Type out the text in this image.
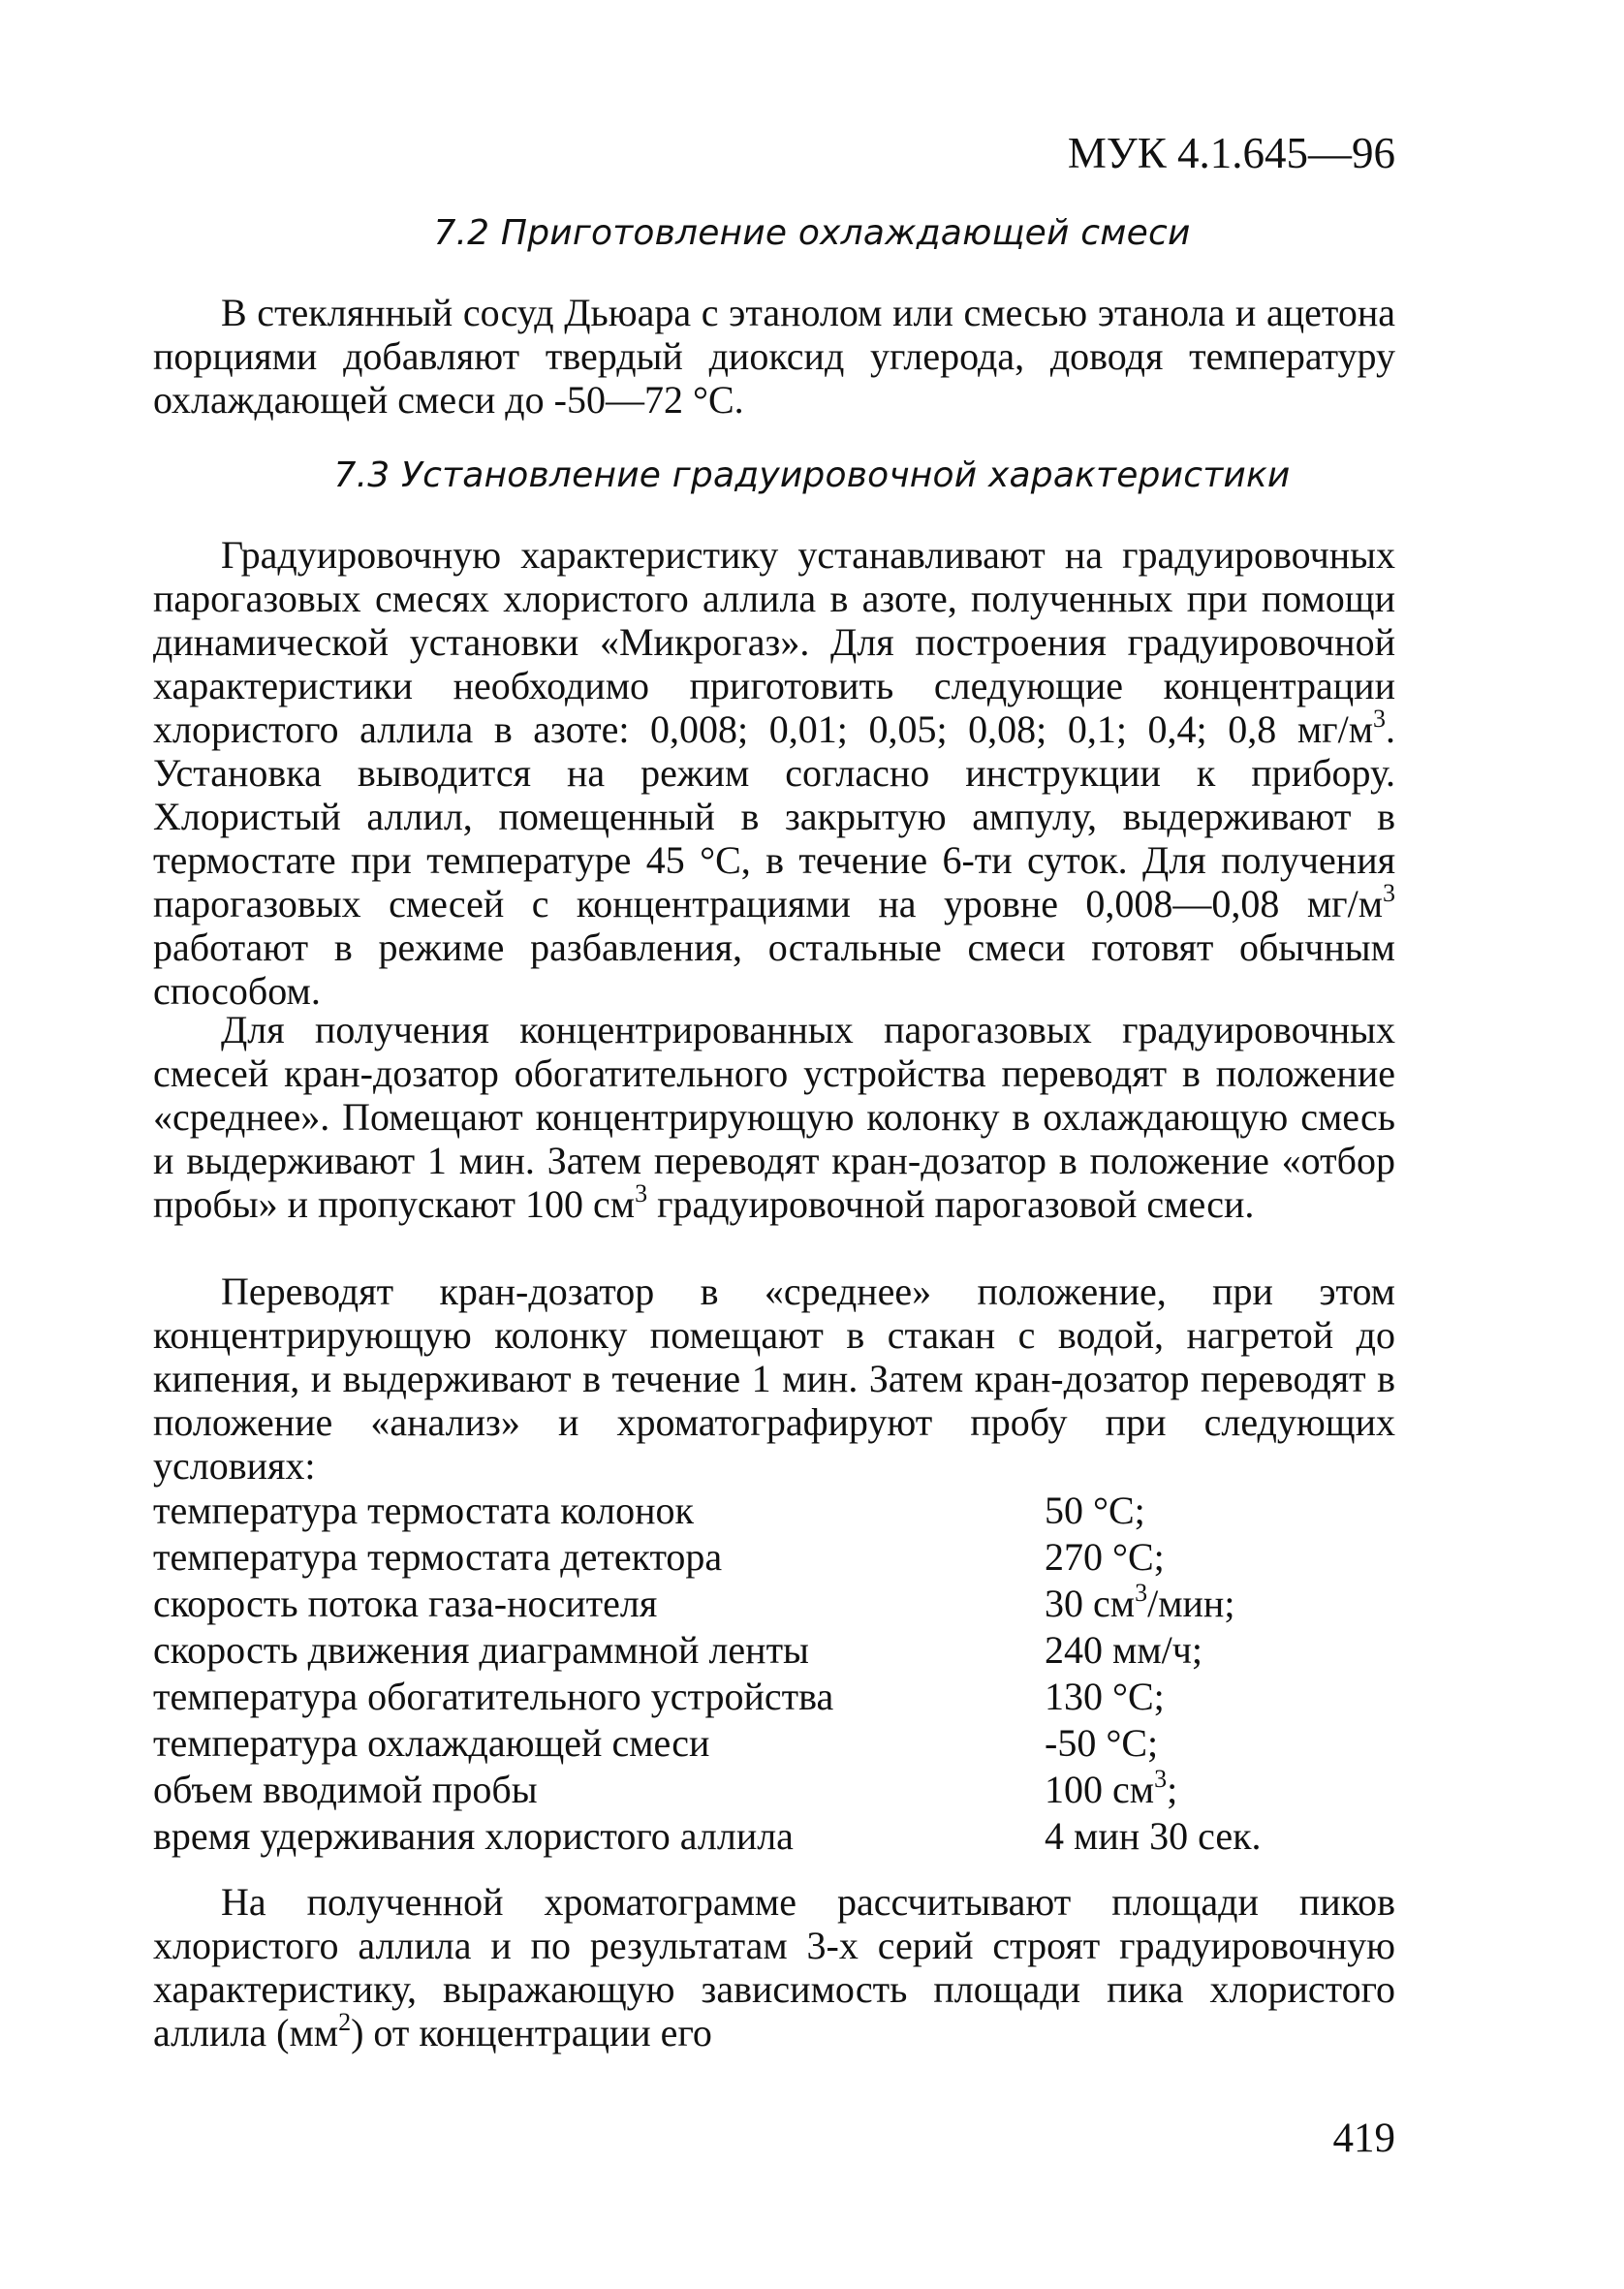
МУК 4.1.645—96
7.2 Приготовление охлаждающей смеси

В стеклянный сосуд Дьюара с этанолом или смесью этанола и ацетона порциями добавляют твердый диоксид углерода, доводя температуру охлаждающей смеси до -50—72 °С.

7.3 Установление градуировочной характеристики

Градуировочную характеристику устанавливают на градуировочных парогазовых смесях хлористого аллила в азоте, полученных при помощи динамической установки «Микрогаз». Для построения градуировочной характеристики необходимо приготовить следующие концентрации хлористого аллила в азоте: 0,008; 0,01; 0,05; 0,08; 0,1; 0,4; 0,8 $мг/м^3$. Установка выводится на режим согласно инструкции к прибору. Хлористый аллил, помещенный в закрытую ампулу, выдерживают в термостате при температуре 45 °С, в течение 6-ти суток. Для получения парогазовых смесей с концентрациями на уровне 0,008—0,08 $мг/м^3$ работают в режиме разбавления, остальные смеси готовят обычным способом.

Для получения концентрированных парогазовых градуировочных смесей кран-дозатор обогатительного устройства переводят в положение «среднее». Помещают концентрирующую колонку в охлаждающую смесь и выдерживают 1 мин. Затем переводят кран-дозатор в положение «отбор пробы» и пропускают 100 $см^3$ градуировочной парогазовой смеси.

Переводят кран-дозатор в «среднее» положение, при этом концентрирующую колонку помещают в стакан с водой, нагретой до кипения, и выдерживают в течение 1 мин. Затем кран-дозатор переводят в положение «анализ» и хроматографируют пробу при следующих условиях:

температура термостата колонок	50 °С;
температура термостата детектора	270 °С;
скорость потока газа-носителя	30 $см^3$/мин;
скорость движения диаграммной ленты	240 мм/ч;
температура обогатительного устройства	130 °С;
температура охлаждающей смеси	-50 °С;
объем вводимой пробы	100 $см^3$;
время удерживания хлористого аллила	4 мин 30 сек.

На полученной хроматограмме рассчитывают площади пиков хлористого аллила и по результатам 3-х серий строят градуировочную характеристику, выражающую зависимость площади пика хлористого аллила $(мм^2)$ от концентрации его

419
